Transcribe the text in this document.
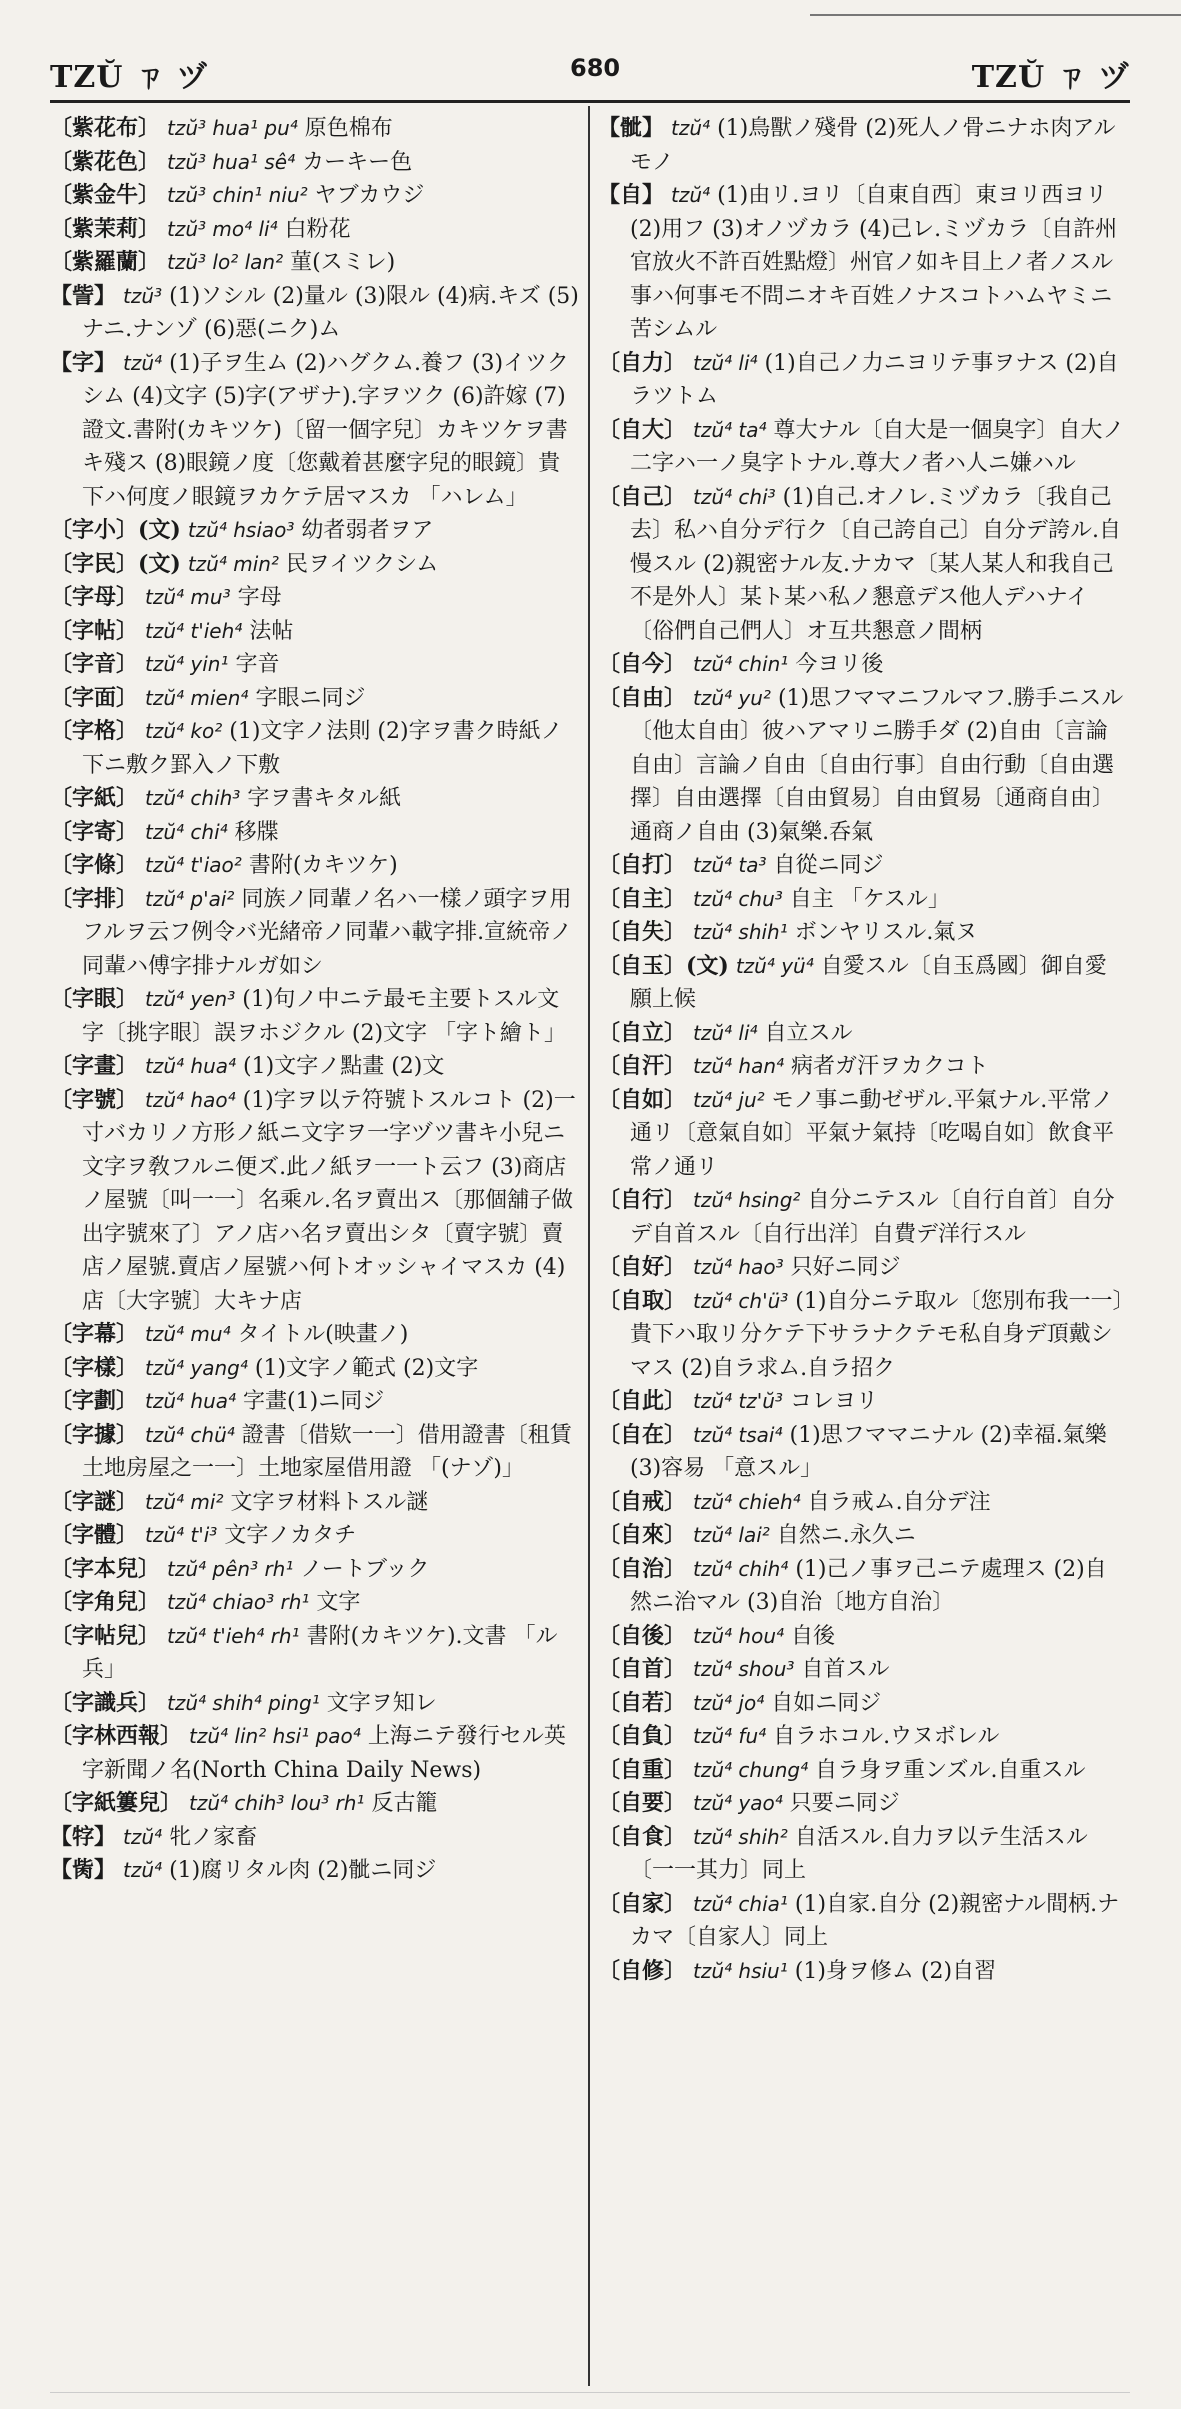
TZŬ ㄗ ヅ	680	TZŬ ㄗ ヅ

〔紫花布〕 tzŭ³ hua¹ pu⁴ 原色棉布

〔紫花色〕 tzŭ³ hua¹ sê⁴ カーキー色

〔紫金牛〕 tzŭ³ chin¹ niu² ヤブカウジ

〔紫茉莉〕 tzŭ³ mo⁴ li⁴ 白粉花

〔紫羅蘭〕 tzŭ³ lo² lan² 菫(スミレ)

【訾】 tzŭ³ (1)ソシル (2)量ル (3)限ル (4)病.キズ (5)ナニ.ナンゾ (6)惡(ニク)ム

【字】 tzŭ⁴ (1)子ヲ生ム (2)ハグクム.養フ (3)イツクシム (4)文字 (5)字(アザナ).字ヲツク (6)許嫁 (7)證文.書附(カキツケ)〔留一個字兒〕カキツケヲ書キ殘ス (8)眼鏡ノ度〔您戴着甚麼字兒的眼鏡〕貴下ハ何度ノ眼鏡ヲカケテ居マスカ 「ハレム」

〔字小〕(文) tzŭ⁴ hsiao³ 幼者弱者ヲア

〔字民〕(文) tzŭ⁴ min² 民ヲイツクシム

〔字母〕 tzŭ⁴ mu³ 字母

〔字帖〕 tzŭ⁴ t'ieh⁴ 法帖

〔字音〕 tzŭ⁴ yin¹ 字音

〔字面〕 tzŭ⁴ mien⁴ 字眼ニ同ジ

〔字格〕 tzŭ⁴ ko² (1)文字ノ法則 (2)字ヲ書ク時紙ノ下ニ敷ク罫入ノ下敷

〔字紙〕 tzŭ⁴ chih³ 字ヲ書キタル紙

〔字寄〕 tzŭ⁴ chi⁴ 移牒

〔字條〕 tzŭ⁴ t'iao² 書附(カキツケ)

〔字排〕 tzŭ⁴ p'ai² 同族ノ同輩ノ名ハ一樣ノ頭字ヲ用フルヲ云フ例令バ光緒帝ノ同輩ハ載字排.宣統帝ノ同輩ハ傅字排ナルガ如シ

〔字眼〕 tzŭ⁴ yen³ (1)句ノ中ニテ最モ主要トスル文字〔挑字眼〕誤ヲホジクル (2)文字 「字ト繪ト」

〔字畫〕 tzŭ⁴ hua⁴ (1)文字ノ點畫 (2)文

〔字號〕 tzŭ⁴ hao⁴ (1)字ヲ以テ符號トスルコト (2)一寸バカリノ方形ノ紙ニ文字ヲ一字ヅツ書キ小兒ニ文字ヲ敎フルニ便ズ.此ノ紙ヲ一一ト云フ (3)商店ノ屋號〔叫一一〕名乘ル.名ヲ賣出ス〔那個舖子做出字號來了〕アノ店ハ名ヲ賣出シタ〔賣字號〕賣店ノ屋號.賣店ノ屋號ハ何トオッシャイマスカ (4)店〔大字號〕大キナ店

〔字幕〕 tzŭ⁴ mu⁴ タイトル(映畫ノ)

〔字樣〕 tzŭ⁴ yang⁴ (1)文字ノ範式 (2)文字

〔字劃〕 tzŭ⁴ hua⁴ 字畫(1)ニ同ジ

〔字據〕 tzŭ⁴ chü⁴ 證書〔借欵一一〕借用證書〔租賃土地房屋之一一〕土地家屋借用證 「(ナゾ)」

〔字謎〕 tzŭ⁴ mi² 文字ヲ材料トスル謎

〔字體〕 tzŭ⁴ t'i³ 文字ノカタチ

〔字本兒〕 tzŭ⁴ pên³ rh¹ ノートブック

〔字角兒〕 tzŭ⁴ chiao³ rh¹ 文字

〔字帖兒〕 tzŭ⁴ t'ieh⁴ rh¹ 書附(カキツケ).文書 「ル兵」

〔字識兵〕 tzŭ⁴ shih⁴ ping¹ 文字ヲ知レ

〔字林西報〕 tzŭ⁴ lin² hsi¹ pao⁴ 上海ニテ發行セル英字新聞ノ名(North China Daily News)

〔字紙簍兒〕 tzŭ⁴ chih³ lou³ rh¹ 反古籠

【牸】 tzŭ⁴ 牝ノ家畜

【胔】 tzŭ⁴ (1)腐リタル肉 (2)骴ニ同ジ

【骴】 tzŭ⁴ (1)鳥獸ノ殘骨 (2)死人ノ骨ニナホ肉アルモノ

【自】 tzŭ⁴ (1)由リ.ヨリ〔自東自西〕東ヨリ西ヨリ (2)用フ (3)オノヅカラ (4)己レ.ミヅカラ〔自許州官放火不許百姓點燈〕州官ノ如キ目上ノ者ノスル事ハ何事モ不問ニオキ百姓ノナスコトハムヤミニ苦シムル

〔自力〕 tzŭ⁴ li⁴ (1)自己ノ力ニヨリテ事ヲナス (2)自ラツトム

〔自大〕 tzŭ⁴ ta⁴ 尊大ナル〔自大是一個臭字〕自大ノ二字ハ一ノ臭字トナル.尊大ノ者ハ人ニ嫌ハル

〔自己〕 tzŭ⁴ chi³ (1)自己.オノレ.ミヅカラ〔我自己去〕私ハ自分デ行ク〔自己誇自己〕自分デ誇ル.自慢スル (2)親密ナル友.ナカマ〔某人某人和我自己不是外人〕某ト某ハ私ノ懇意デス他人デハナイ〔俗們自己們人〕オ互共懇意ノ間柄

〔自今〕 tzŭ⁴ chin¹ 今ヨリ後

〔自由〕 tzŭ⁴ yu² (1)思フママニフルマフ.勝手ニスル〔他太自由〕彼ハアマリニ勝手ダ (2)自由〔言論自由〕言論ノ自由〔自由行事〕自由行動〔自由選擇〕自由選擇〔自由貿易〕自由貿易〔通商自由〕通商ノ自由 (3)氣樂.呑氣

〔自打〕 tzŭ⁴ ta³ 自從ニ同ジ

〔自主〕 tzŭ⁴ chu³ 自主 「ケスル」

〔自失〕 tzŭ⁴ shih¹ ボンヤリスル.氣ヌ

〔自玉〕(文) tzŭ⁴ yü⁴ 自愛スル〔自玉爲國〕御自愛願上候

〔自立〕 tzŭ⁴ li⁴ 自立スル

〔自汗〕 tzŭ⁴ han⁴ 病者ガ汗ヲカクコト

〔自如〕 tzŭ⁴ ju² モノ事ニ動ゼザル.平氣ナル.平常ノ通リ〔意氣自如〕平氣ナ氣持〔吃喝自如〕飲食平常ノ通リ

〔自行〕 tzŭ⁴ hsing² 自分ニテスル〔自行自首〕自分デ自首スル〔自行出洋〕自費デ洋行スル

〔自好〕 tzŭ⁴ hao³ 只好ニ同ジ

〔自取〕 tzŭ⁴ ch'ü³ (1)自分ニテ取ル〔您別布我一一〕貴下ハ取リ分ケテ下サラナクテモ私自身デ頂戴シマス (2)自ラ求ム.自ラ招ク

〔自此〕 tzŭ⁴ tz'ŭ³ コレヨリ

〔自在〕 tzŭ⁴ tsai⁴ (1)思フママニナル (2)幸福.氣樂 (3)容易 「意スル」

〔自戒〕 tzŭ⁴ chieh⁴ 自ラ戒ム.自分デ注

〔自來〕 tzŭ⁴ lai² 自然ニ.永久ニ

〔自治〕 tzŭ⁴ chih⁴ (1)己ノ事ヲ己ニテ處理ス (2)自然ニ治マル (3)自治〔地方自治〕

〔自後〕 tzŭ⁴ hou⁴ 自後

〔自首〕 tzŭ⁴ shou³ 自首スル

〔自若〕 tzŭ⁴ jo⁴ 自如ニ同ジ

〔自負〕 tzŭ⁴ fu⁴ 自ラホコル.ウヌボレル

〔自重〕 tzŭ⁴ chung⁴ 自ラ身ヲ重ンズル.自重スル

〔自要〕 tzŭ⁴ yao⁴ 只要ニ同ジ

〔自食〕 tzŭ⁴ shih² 自活スル.自力ヲ以テ生活スル〔一一其力〕同上

〔自家〕 tzŭ⁴ chia¹ (1)自家.自分 (2)親密ナル間柄.ナカマ〔自家人〕同上

〔自修〕 tzŭ⁴ hsiu¹ (1)身ヲ修ム (2)自習
